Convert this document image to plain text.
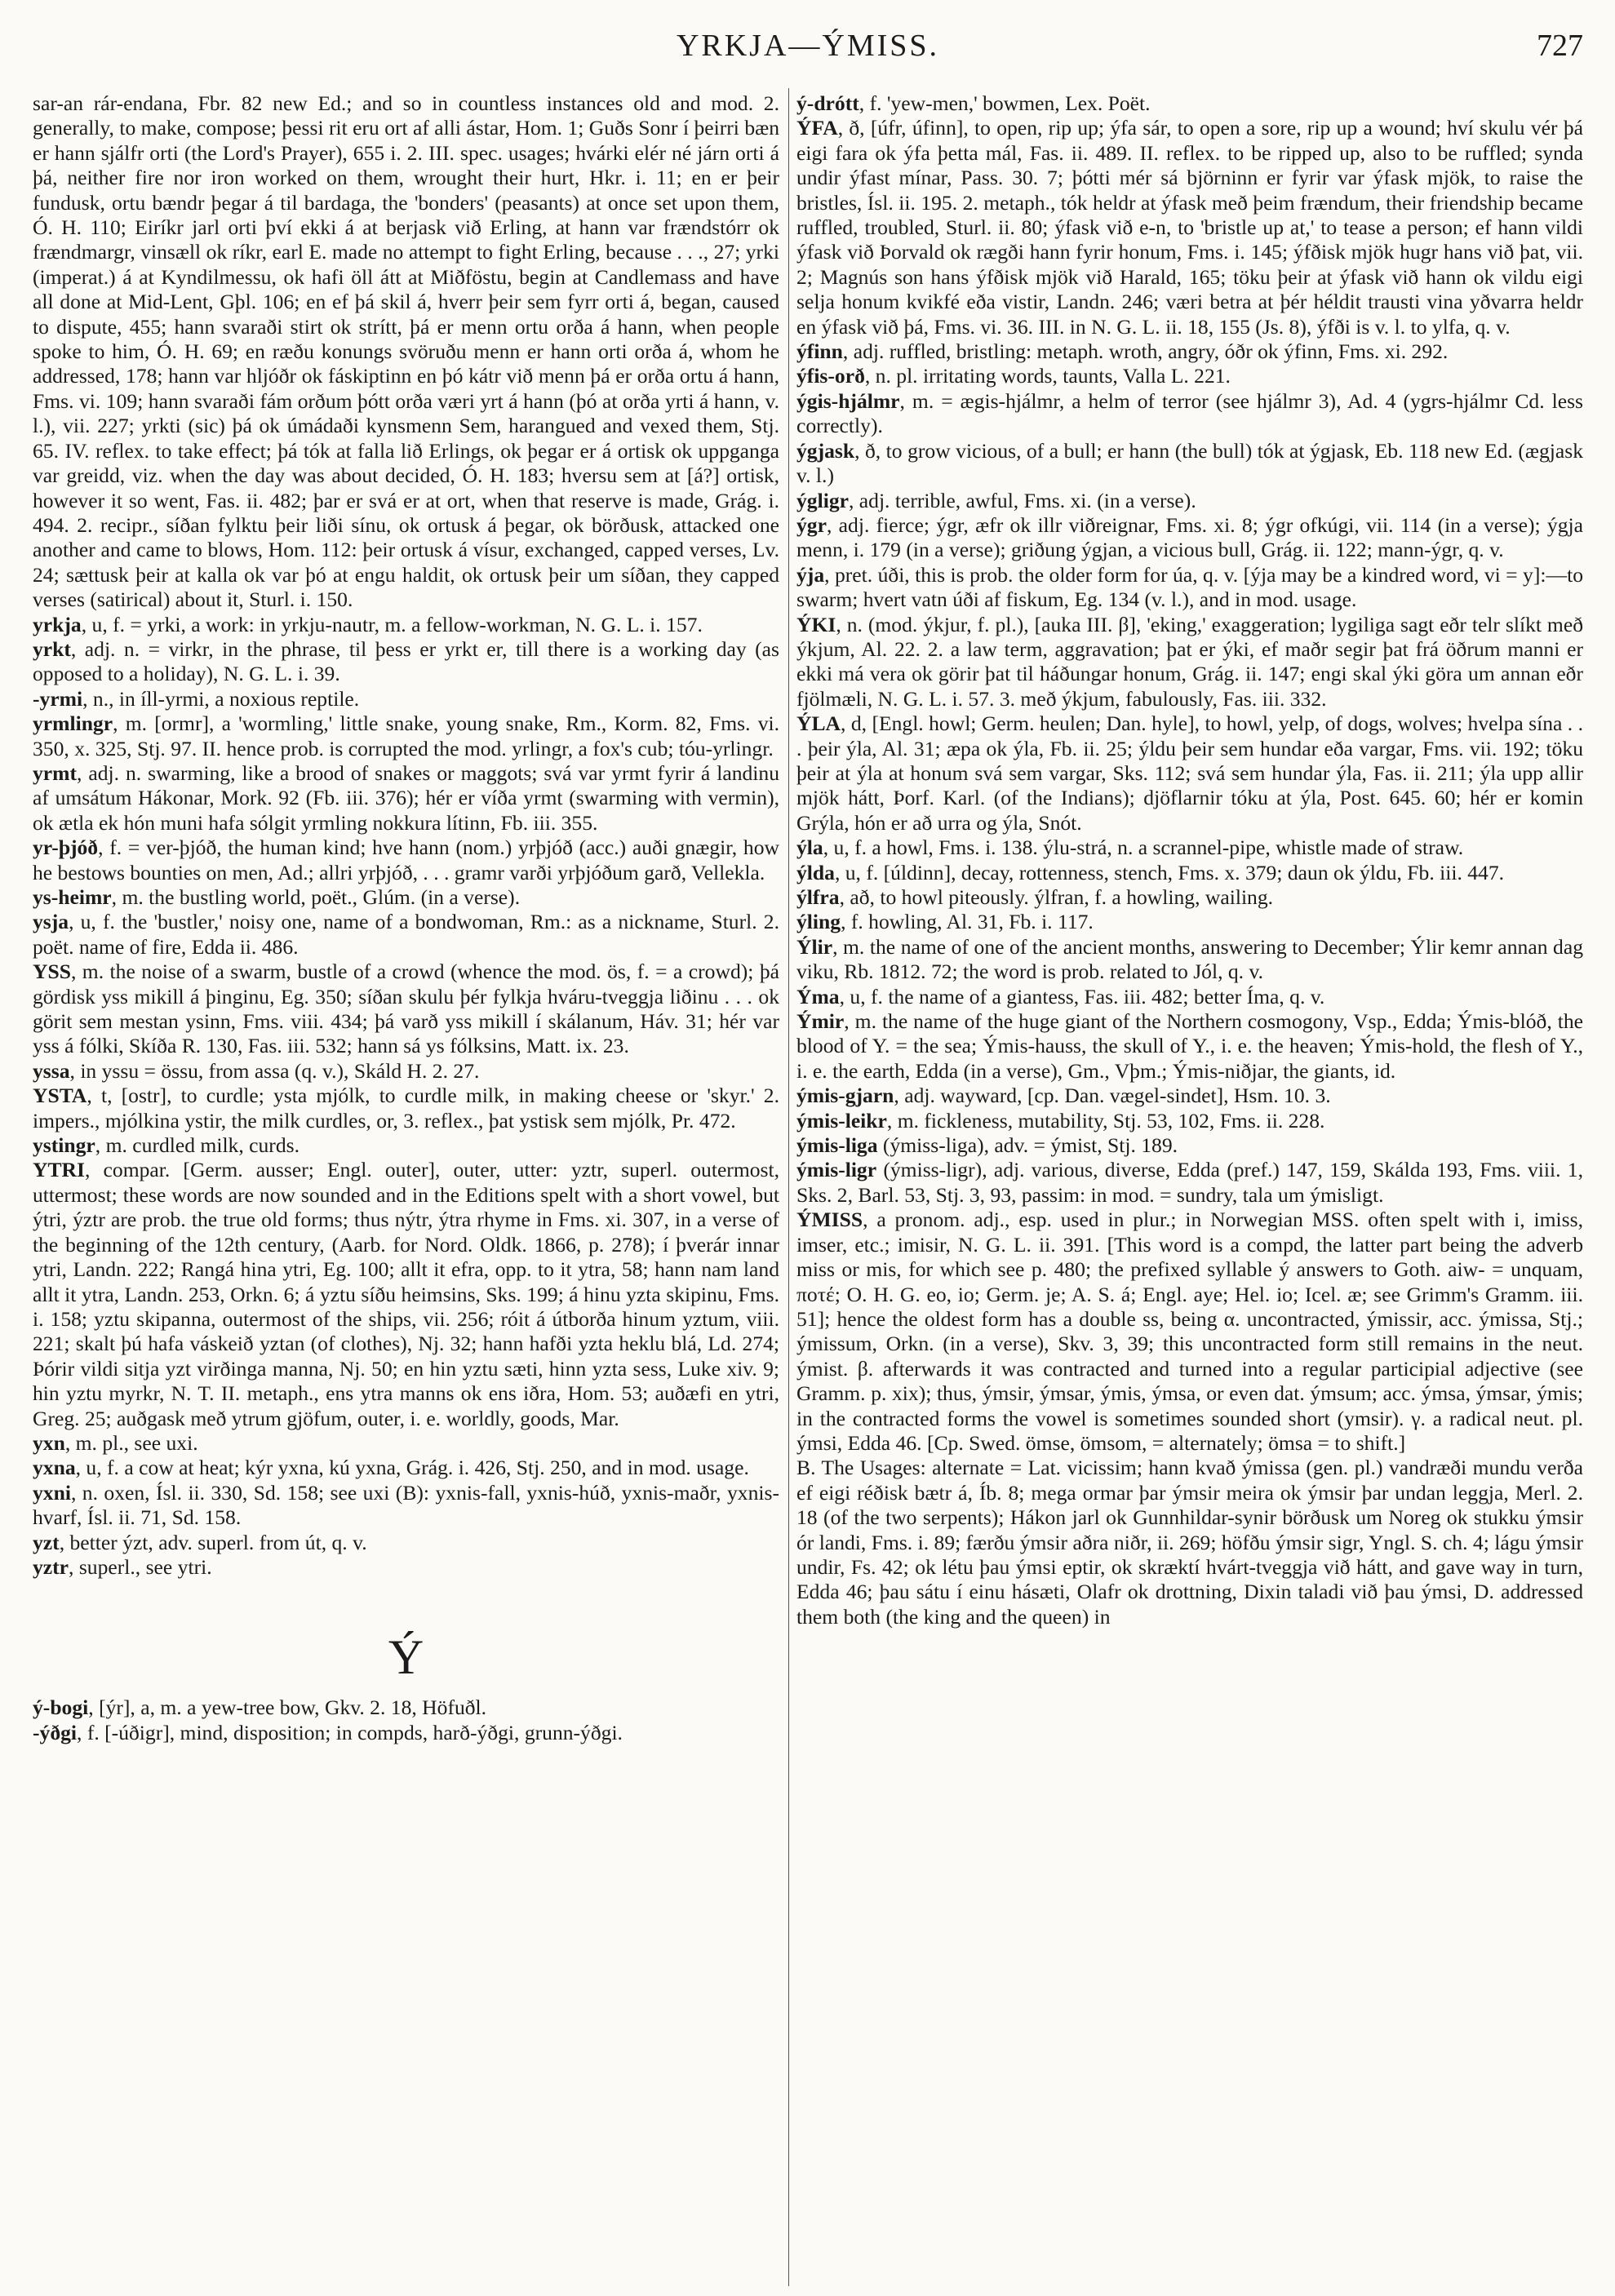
YRKJA—ÝMISS.	727

sar-an rár-endana, Fbr. 82 new Ed.; and so in countless instances old and mod. 2. generally, to make, compose; þessi rit eru ort af alli ástar, Hom. 1; Guðs Sonr í þeirri bæn er hann sjálfr orti (the Lord's Prayer), 655 i. 2. III. spec. usages; hvárki elér né járn orti á þá, neither fire nor iron worked on them, wrought their hurt, Hkr. i. 11; en er þeir fundusk, ortu bændr þegar á til bardaga, the 'bonders' (peasants) at once set upon them, Ó. H. 110; Eiríkr jarl orti því ekki á at berjask við Erling, at hann var frændstórr ok frændmargr, vinsæll ok ríkr, earl E. made no attempt to fight Erling, because . . ., 27; yrki (imperat.) á at Kyndilmessu, ok hafi öll átt at Miðföstu, begin at Candlemass and have all done at Mid-Lent, Gþl. 106; en ef þá skil á, hverr þeir sem fyrr orti á, began, caused to dispute, 455; hann svaraði stirt ok strítt, þá er menn ortu orða á hann, when people spoke to him, Ó. H. 69; en ræðu konungs svöruðu menn er hann orti orða á, whom he addressed, 178; hann var hljóðr ok fáskiptinn en þó kátr við menn þá er orða ortu á hann, Fms. vi. 109; hann svaraði fám orðum þótt orða væri yrt á hann (þó at orða yrti á hann, v. l.), vii. 227; yrkti (sic) þá ok úmádaði kynsmenn Sem, harangued and vexed them, Stj. 65. IV. reflex. to take effect; þá tók at falla lið Erlings, ok þegar er á ortisk ok uppganga var greidd, viz. when the day was about decided, Ó. H. 183; hversu sem at [á?] ortisk, however it so went, Fas. ii. 482; þar er svá er at ort, when that reserve is made, Grág. i. 494. 2. recipr., síðan fylktu þeir liði sínu, ok ortusk á þegar, ok börðusk, attacked one another and came to blows, Hom. 112: þeir ortusk á vísur, exchanged, capped verses, Lv. 24; sættusk þeir at kalla ok var þó at engu haldit, ok ortusk þeir um síðan, they capped verses (satirical) about it, Sturl. i. 150.

yrkja, u, f. = yrki, a work: in yrkju-nautr, m. a fellow-workman, N. G. L. i. 157.

yrkt, adj. n. = virkr, in the phrase, til þess er yrkt er, till there is a working day (as opposed to a holiday), N. G. L. i. 39.

-yrmi, n., in íll-yrmi, a noxious reptile.

yrmlingr, m. [ormr], a 'wormling,' little snake, young snake, Rm., Korm. 82, Fms. vi. 350, x. 325, Stj. 97. II. hence prob. is corrupted the mod. yrlingr, a fox's cub; tóu-yrlingr.

yrmt, adj. n. swarming, like a brood of snakes or maggots; svá var yrmt fyrir á landinu af umsátum Hákonar, Mork. 92 (Fb. iii. 376); hér er víða yrmt (swarming with vermin), ok ætla ek hón muni hafa sólgit yrmling nokkura lítinn, Fb. iii. 355.

yr-þjóð, f. = ver-þjóð, the human kind; hve hann (nom.) yrþjóð (acc.) auði gnægir, how he bestows bounties on men, Ad.; allri yrþjóð, . . . gramr varði yrþjóðum garð, Vellekla.

ys-heimr, m. the bustling world, poët., Glúm. (in a verse).

ysja, u, f. the 'bustler,' noisy one, name of a bondwoman, Rm.: as a nickname, Sturl. 2. poët. name of fire, Edda ii. 486.

YSS, m. the noise of a swarm, bustle of a crowd (whence the mod. ös, f. = a crowd); þá gördisk yss mikill á þinginu, Eg. 350; síðan skulu þér fylkja hváru-tveggja liðinu . . . ok görit sem mestan ysinn, Fms. viii. 434; þá varð yss mikill í skálanum, Háv. 31; hér var yss á fólki, Skíða R. 130, Fas. iii. 532; hann sá ys fólksins, Matt. ix. 23.

yssa, in yssu = össu, from assa (q. v.), Skáld H. 2. 27.

YSTA, t, [ostr], to curdle; ysta mjólk, to curdle milk, in making cheese or 'skyr.' 2. impers., mjólkina ystir, the milk curdles, or, 3. reflex., þat ystisk sem mjólk, Pr. 472.

ystingr, m. curdled milk, curds.

YTRI, compar. [Germ. ausser; Engl. outer], outer, utter: yztr, superl. outermost, uttermost; these words are now sounded and in the Editions spelt with a short vowel, but ýtri, ýztr are prob. the true old forms; thus nýtr, ýtra rhyme in Fms. xi. 307, in a verse of the beginning of the 12th century, (Aarb. for Nord. Oldk. 1866, p. 278); í þverár innar ytri, Landn. 222; Rangá hina ytri, Eg. 100; allt it efra, opp. to it ytra, 58; hann nam land allt it ytra, Landn. 253, Orkn. 6; á yztu síðu heimsins, Sks. 199; á hinu yzta skipinu, Fms. i. 158; yztu skipanna, outermost of the ships, vii. 256; róit á útborða hinum yztum, viii. 221; skalt þú hafa váskeið yztan (of clothes), Nj. 32; hann hafði yzta heklu blá, Ld. 274; Þórir vildi sitja yzt virðinga manna, Nj. 50; en hin yztu sæti, hinn yzta sess, Luke xiv. 9; hin yztu myrkr, N. T. II. metaph., ens ytra manns ok ens iðra, Hom. 53; auðæfi en ytri, Greg. 25; auðgask með ytrum gjöfum, outer, i. e. worldly, goods, Mar.

yxn, m. pl., see uxi.

yxna, u, f. a cow at heat; kýr yxna, kú yxna, Grág. i. 426, Stj. 250, and in mod. usage.

yxni, n. oxen, Ísl. ii. 330, Sd. 158; see uxi (B): yxnis-fall, yxnis-húð, yxnis-maðr, yxnis-hvarf, Ísl. ii. 71, Sd. 158.

yzt, better ýzt, adv. superl. from út, q. v.

yztr, superl., see ytri.

Ý

ý-bogi, [ýr], a, m. a yew-tree bow, Gkv. 2. 18, Höfuðl.

-ýðgi, f. [-úðigr], mind, disposition; in compds, harð-ýðgi, grunn-ýðgi.

ý-drótt, f. 'yew-men,' bowmen, Lex. Poët.

ÝFA, ð, [úfr, úfinn], to open, rip up; ýfa sár, to open a sore, rip up a wound; hví skulu vér þá eigi fara ok ýfa þetta mál, Fas. ii. 489. II. reflex. to be ripped up, also to be ruffled; synda undir ýfast mínar, Pass. 30. 7; þótti mér sá björninn er fyrir var ýfask mjök, to raise the bristles, Ísl. ii. 195. 2. metaph., tók heldr at ýfask með þeim frændum, their friendship became ruffled, troubled, Sturl. ii. 80; ýfask við e-n, to 'bristle up at,' to tease a person; ef hann vildi ýfask við Þorvald ok rægði hann fyrir honum, Fms. i. 145; ýfðisk mjök hugr hans við þat, vii. 2; Magnús son hans ýfðisk mjök við Harald, 165; töku þeir at ýfask við hann ok vildu eigi selja honum kvikfé eða vistir, Landn. 246; væri betra at þér héldit trausti vina yðvarra heldr en ýfask við þá, Fms. vi. 36. III. in N. G. L. ii. 18, 155 (Js. 8), ýfði is v. l. to ylfa, q. v.

ýfinn, adj. ruffled, bristling: metaph. wroth, angry, óðr ok ýfinn, Fms. xi. 292.

ýfis-orð, n. pl. irritating words, taunts, Valla L. 221.

ýgis-hjálmr, m. = ægis-hjálmr, a helm of terror (see hjálmr 3), Ad. 4 (ygrs-hjálmr Cd. less correctly).

ýgjask, ð, to grow vicious, of a bull; er hann (the bull) tók at ýgjask, Eb. 118 new Ed. (ægjask v. l.)

ýgligr, adj. terrible, awful, Fms. xi. (in a verse).

ýgr, adj. fierce; ýgr, æfr ok illr viðreignar, Fms. xi. 8; ýgr ofkúgi, vii. 114 (in a verse); ýgja menn, i. 179 (in a verse); griðung ýgjan, a vicious bull, Grág. ii. 122; mann-ýgr, q. v.

ýja, pret. úði, this is prob. the older form for úa, q. v. [ýja may be a kindred word, vi = y]:—to swarm; hvert vatn úði af fiskum, Eg. 134 (v. l.), and in mod. usage.

ÝKI, n. (mod. ýkjur, f. pl.), [auka III. β], 'eking,' exaggeration; lygiliga sagt eðr telr slíkt með ýkjum, Al. 22. 2. a law term, aggravation; þat er ýki, ef maðr segir þat frá öðrum manni er ekki má vera ok görir þat til háðungar honum, Grág. ii. 147; engi skal ýki göra um annan eðr fjölmæli, N. G. L. i. 57. 3. með ýkjum, fabulously, Fas. iii. 332.

ÝLA, d, [Engl. howl; Germ. heulen; Dan. hyle], to howl, yelp, of dogs, wolves; hvelpa sína . . . þeir ýla, Al. 31; æpa ok ýla, Fb. ii. 25; ýldu þeir sem hundar eða vargar, Fms. vii. 192; töku þeir at ýla at honum svá sem vargar, Sks. 112; svá sem hundar ýla, Fas. ii. 211; ýla upp allir mjök hátt, Þorf. Karl. (of the Indians); djöflarnir tóku at ýla, Post. 645. 60; hér er komin Grýla, hón er að urra og ýla, Snót.

ýla, u, f. a howl, Fms. i. 138. ýlu-strá, n. a scrannel-pipe, whistle made of straw.

ýlda, u, f. [úldinn], decay, rottenness, stench, Fms. x. 379; daun ok ýldu, Fb. iii. 447.

ýlfra, að, to howl piteously. ýlfran, f. a howling, wailing.

ýling, f. howling, Al. 31, Fb. i. 117.

Ýlir, m. the name of one of the ancient months, answering to December; Ýlir kemr annan dag viku, Rb. 1812. 72; the word is prob. related to Jól, q. v.

Ýma, u, f. the name of a giantess, Fas. iii. 482; better Íma, q. v.

Ýmir, m. the name of the huge giant of the Northern cosmogony, Vsp., Edda; Ýmis-blóð, the blood of Y. = the sea; Ýmis-hauss, the skull of Y., i. e. the heaven; Ýmis-hold, the flesh of Y., i. e. the earth, Edda (in a verse), Gm., Vþm.; Ýmis-niðjar, the giants, id.

ýmis-gjarn, adj. wayward, [cp. Dan. vægel-sindet], Hsm. 10. 3.

ýmis-leikr, m. fickleness, mutability, Stj. 53, 102, Fms. ii. 228.

ýmis-liga (ýmiss-liga), adv. = ýmist, Stj. 189.

ýmis-ligr (ýmiss-ligr), adj. various, diverse, Edda (pref.) 147, 159, Skálda 193, Fms. viii. 1, Sks. 2, Barl. 53, Stj. 3, 93, passim: in mod. = sundry, tala um ýmisligt.

ÝMISS, a pronom. adj., esp. used in plur.; in Norwegian MSS. often spelt with i, imiss, imser, etc.; imisir, N. G. L. ii. 391. [This word is a compd, the latter part being the adverb miss or mis, for which see p. 480; the prefixed syllable ý answers to Goth. aiw- = unquam, ποτέ; O. H. G. eo, io; Germ. je; A. S. á; Engl. aye; Hel. io; Icel. æ; see Grimm's Gramm. iii. 51]; hence the oldest form has a double ss, being α. uncontracted, ýmissir, acc. ýmissa, Stj.; ýmissum, Orkn. (in a verse), Skv. 3, 39; this uncontracted form still remains in the neut. ýmist. β. afterwards it was contracted and turned into a regular participial adjective (see Gramm. p. xix); thus, ýmsir, ýmsar, ýmis, ýmsa, or even dat. ýmsum; acc. ýmsa, ýmsar, ýmis; in the contracted forms the vowel is sometimes sounded short (ymsir). γ. a radical neut. pl. ýmsi, Edda 46. [Cp. Swed. ömse, ömsom, = alternately; ömsa = to shift.]

B. The Usages: alternate = Lat. vicissim; hann kvað ýmissa (gen. pl.) vandræði mundu verða ef eigi réðisk bætr á, Íb. 8; mega ormar þar ýmsir meira ok ýmsir þar undan leggja, Merl. 2. 18 (of the two serpents); Hákon jarl ok Gunnhildar-synir börðusk um Noreg ok stukku ýmsir ór landi, Fms. i. 89; færðu ýmsir aðra niðr, ii. 269; höfðu ýmsir sigr, Yngl. S. ch. 4; lágu ýmsir undir, Fs. 42; ok létu þau ýmsi eptir, ok skræktí hvárt-tveggja við hátt, and gave way in turn, Edda 46; þau sátu í einu hásæti, Olafr ok drottning, Dixin taladi við þau ýmsi, D. addressed them both (the king and the queen) in
